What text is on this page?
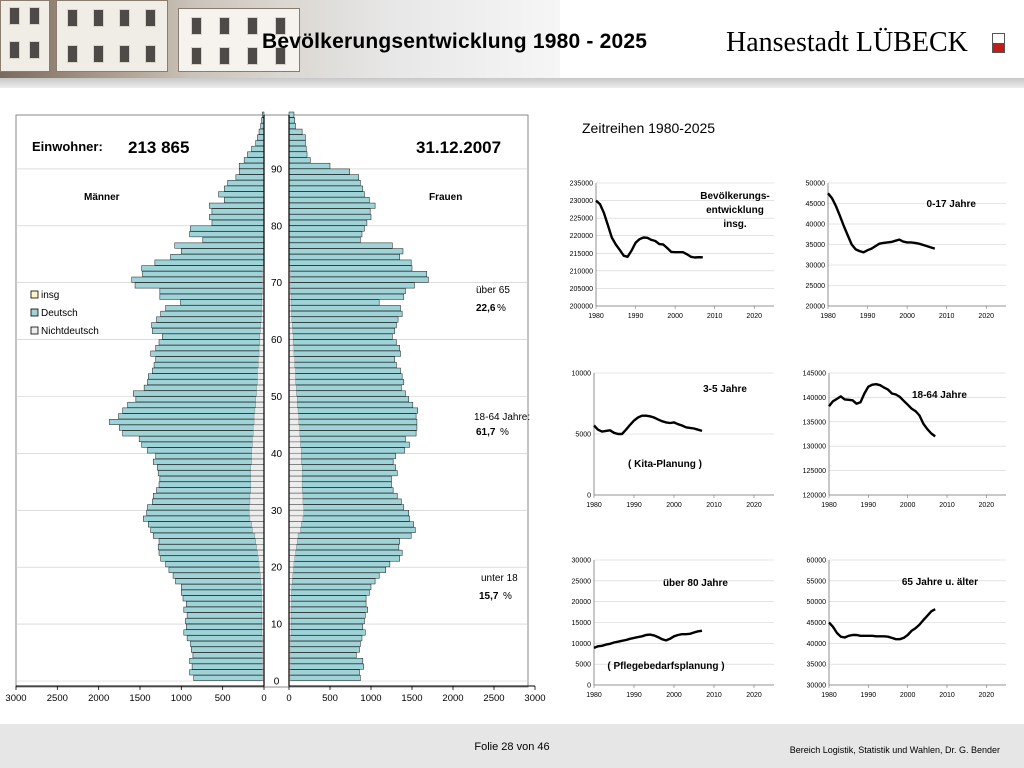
Bevölkerungsentwicklung 1980 - 2025	Hansestadt LÜBECK
0
10
20
30
40
50
60
70
80
90
3000 2500 2000 1500 1000 500	0 0	500 1000 1500 2000 2500 3000
Einwohner: 213 865	31.12.2007
Männer	Frauen
insg
Deutsch
Nichtdeutsch
über 65
22,6 %
18-64 Jahre:
61,7 %
unter 18
15,7 %
Zeitreihen 1980-2025
200000
205000
210000
215000
220000
225000
230000
235000
1980	1990	2000	2010	2020
Bevölkerungs-entwicklung insg.
20000
25000
30000
35000
40000
45000
50000
1980	1990	2000	2010	2020
0-17 Jahre
0
5000
10000
1980	1990	2000	2010	2020
3-5 Jahre
( Kita-Planung )
120000
125000
130000
135000
140000
145000
1980	1990	2000	2010	2020
18-64 Jahre
0
5000
10000
15000
20000
25000
30000
1980	1990	2000	2010	2020
über 80 Jahre
( Pflegebedarfsplanung )
30000
35000
40000
45000
50000
55000
60000
1980	1990	2000	2010	2020
65 Jahre u. älter
Folie 28 von 46	Bereich Logistik, Statistik und Wahlen, Dr. G. Bender
